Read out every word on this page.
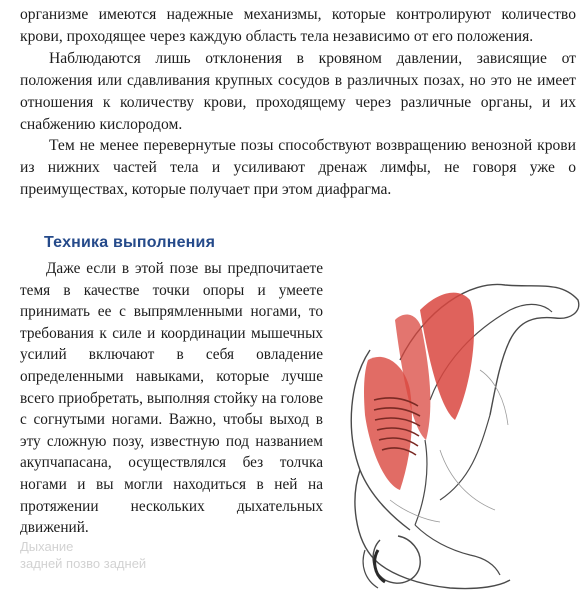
организме имеются надежные механизмы, которые контролируют количество крови, проходящее через каждую область тела независимо от его положения.

Наблюдаются лишь отклонения в кровяном давлении, зависящие от положения или сдавливания крупных сосудов в различных позах, но это не имеет отношения к количеству крови, проходящему через различные органы, и их снабжению кислородом.

Тем не менее перевернутые позы способствуют возвращению венозной крови из нижних частей тела и усиливают дренаж лимфы, не говоря уже о преимуществах, которые получает при этом диафрагма.

Техника выполнения

Даже если в этой позе вы предпочитаете темя в качестве точки опоры и умеете принимать ее с выпрямленными ногами, то требования к силе и координации мышечных усилий включают в себя овладение определенными навыками, которые лучше всего приобретать, выполняя стойку на голове с согнутыми ногами. Важно, чтобы выход в эту сложную позу, известную под названием акупчапасана, осуществлялся без толчка ногами и вы могли находиться в ней на протяжении нескольких дыхательных движений.

Дыхание
задней позво задней
